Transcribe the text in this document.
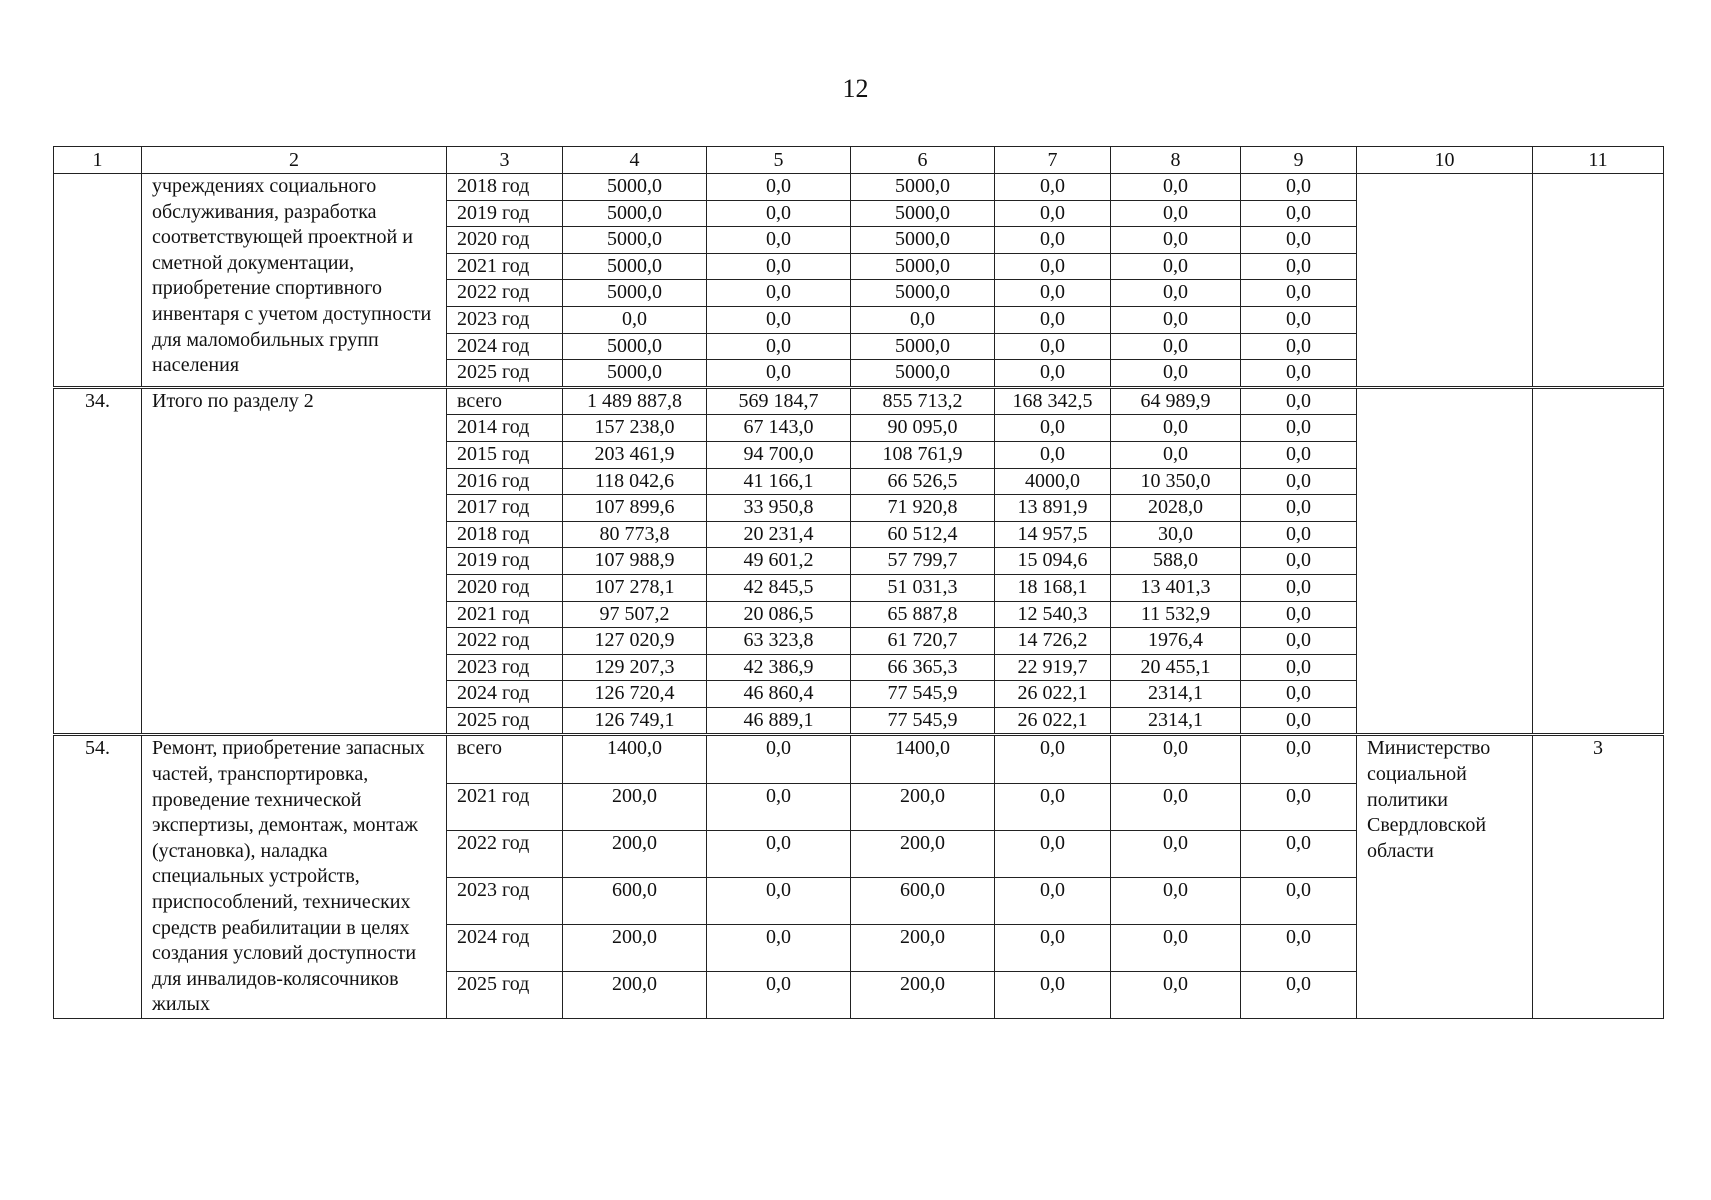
12
1	2	3	4	5	6	7	8	9	10	11
	учреждениях социального обслуживания, разработка соответствующей проектной и сметной документации, приобретение спортивного инвентаря с учетом доступности для маломобильных групп населения	2018 год	5000,0	0,0	5000,0	0,0	0,0	0,0		
		2019 год	5000,0	0,0	5000,0	0,0	0,0	0,0		
		2020 год	5000,0	0,0	5000,0	0,0	0,0	0,0		
		2021 год	5000,0	0,0	5000,0	0,0	0,0	0,0		
		2022 год	5000,0	0,0	5000,0	0,0	0,0	0,0		
		2023 год	0,0	0,0	0,0	0,0	0,0	0,0		
		2024 год	5000,0	0,0	5000,0	0,0	0,0	0,0		
		2025 год	5000,0	0,0	5000,0	0,0	0,0	0,0		
34.	Итого по разделу 2	всего	1 489 887,8	569 184,7	855 713,2	168 342,5	64 989,9	0,0		
		2014 год	157 238,0	67 143,0	90 095,0	0,0	0,0	0,0		
		2015 год	203 461,9	94 700,0	108 761,9	0,0	0,0	0,0		
		2016 год	118 042,6	41 166,1	66 526,5	4000,0	10 350,0	0,0		
		2017 год	107 899,6	33 950,8	71 920,8	13 891,9	2028,0	0,0		
		2018 год	80 773,8	20 231,4	60 512,4	14 957,5	30,0	0,0		
		2019 год	107 988,9	49 601,2	57 799,7	15 094,6	588,0	0,0		
		2020 год	107 278,1	42 845,5	51 031,3	18 168,1	13 401,3	0,0		
		2021 год	97 507,2	20 086,5	65 887,8	12 540,3	11 532,9	0,0		
		2022 год	127 020,9	63 323,8	61 720,7	14 726,2	1976,4	0,0		
		2023 год	129 207,3	42 386,9	66 365,3	22 919,7	20 455,1	0,0		
		2024 год	126 720,4	46 860,4	77 545,9	26 022,1	2314,1	0,0		
		2025 год	126 749,1	46 889,1	77 545,9	26 022,1	2314,1	0,0		
54.	Ремонт, приобретение запасных частей, транспортировка, проведение технической экспертизы, демонтаж, монтаж (установка), наладка специальных устройств, приспособлений, технических средств реабилитации в целях создания условий доступности для инвалидов-колясочников жилых	всего	1400,0	0,0	1400,0	0,0	0,0	0,0	Министерство социальной политики Свердловской области	3
		2021 год	200,0	0,0	200,0	0,0	0,0	0,0		
		2022 год	200,0	0,0	200,0	0,0	0,0	0,0		
		2023 год	600,0	0,0	600,0	0,0	0,0	0,0		
		2024 год	200,0	0,0	200,0	0,0	0,0	0,0		
		2025 год	200,0	0,0	200,0	0,0	0,0	0,0		
